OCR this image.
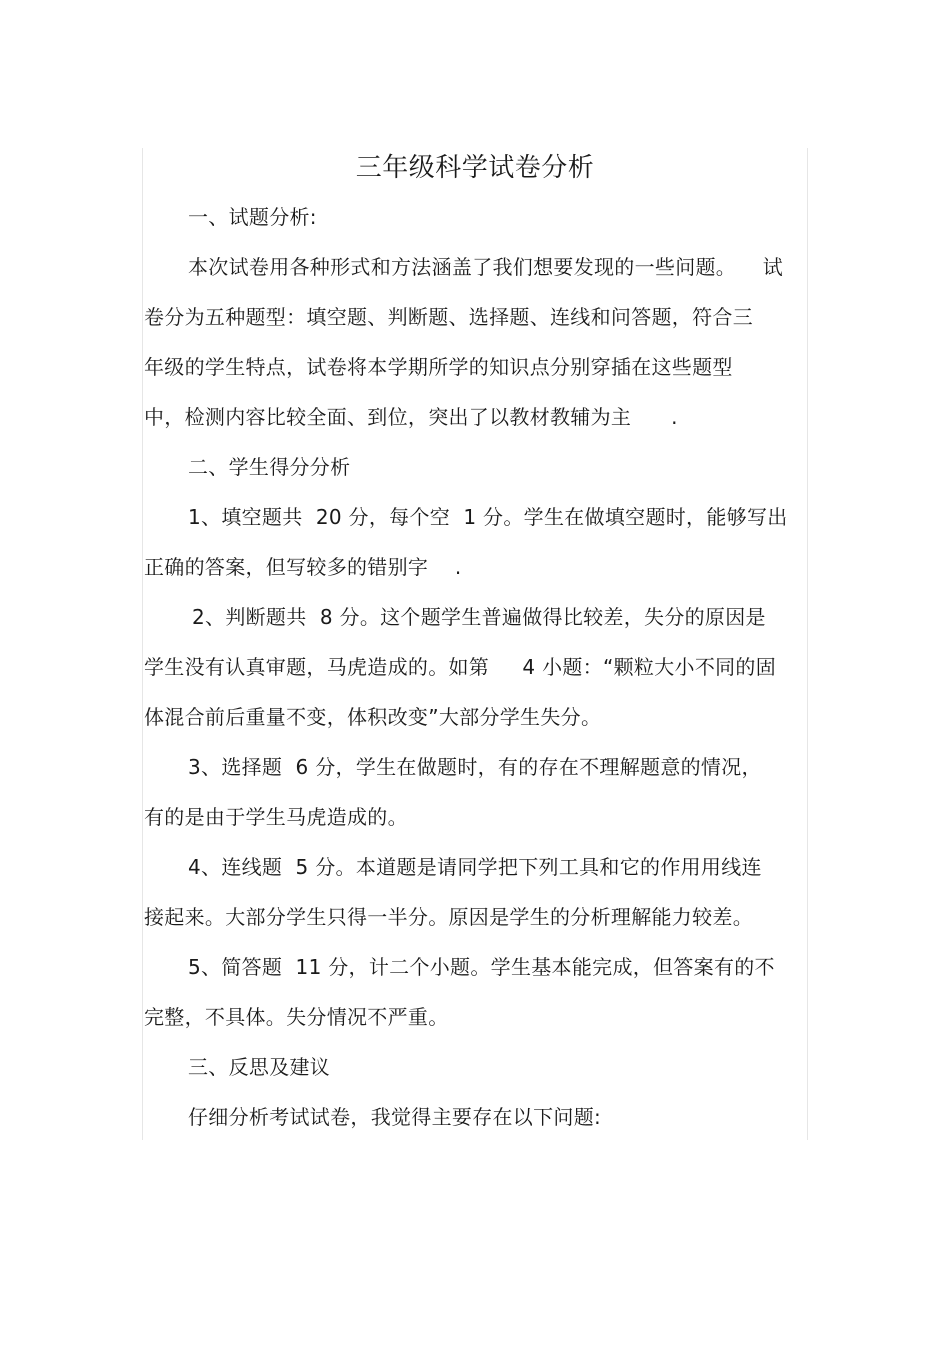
三年级科学试卷分析
一、试题分析:
本次试卷用各种形式和方法涵盖了我们想要发现的一些问题。    试
卷分为五种题型：填空题、判断题、选择题、连线和问答题，符合三
年级的学生特点，试卷将本学期所学的知识点分别穿插在这些题型
中，检测内容比较全面、到位，突出了以教材教辅为主      .
二、学生得分分析
1、填空题共  20 分，每个空  1 分。学生在做填空题时，能够写出
正确的答案，但写较多的错别字    .
2、判断题共  8 分。这个题学生普遍做得比较差，失分的原因是
学生没有认真审题，马虎造成的。如第     4 小题：“颗粒大小不同的固
体混合前后重量不变，体积改变”大部分学生失分。
3、选择题  6 分，学生在做题时，有的存在不理解题意的情况，
有的是由于学生马虎造成的。
4、连线题  5 分。本道题是请同学把下列工具和它的作用用线连
接起来。大部分学生只得一半分。原因是学生的分析理解能力较差。
5、简答题  11 分，计二个小题。学生基本能完成，但答案有的不
完整，不具体。失分情况不严重。
三、反思及建议
仔细分析考试试卷，我觉得主要存在以下问题:
